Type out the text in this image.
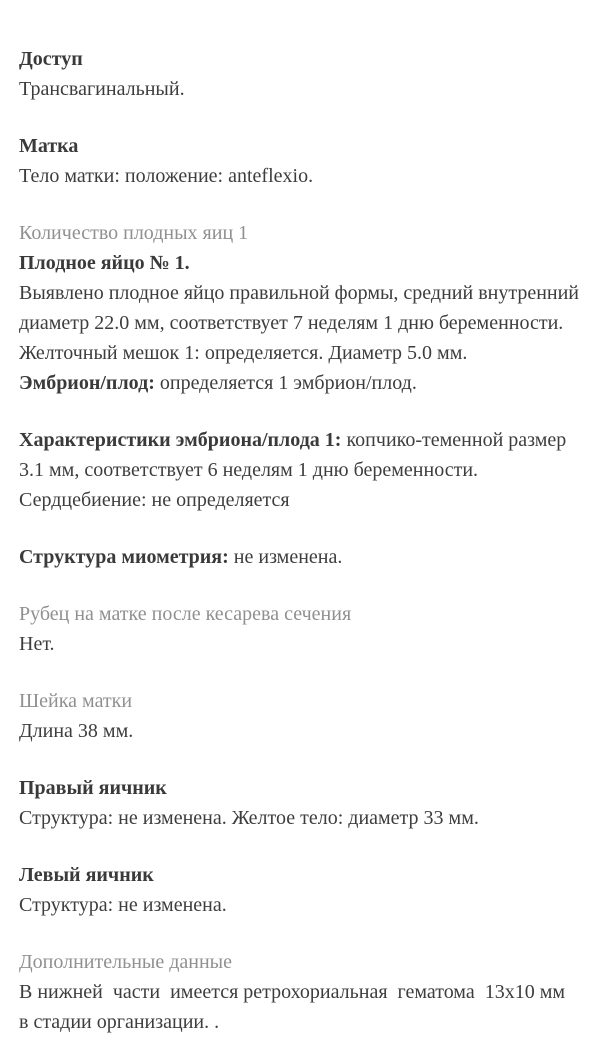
Доступ

Трансвагинальный.

Матка

Тело матки: положение: anteflexio.

Количество плодных яиц 1

Плодное яйцо № 1.

Выявлено плодное яйцо правильной формы, средний внутренний диаметр 22.0 мм, соответствует 7 неделям 1 дню беременности.

Желточный мешок 1: определяется. Диаметр 5.0 мм.

Эмбрион/плод: определяется 1 эмбрион/плод.

Характеристики эмбриона/плода 1: копчико-теменной размер 3.1 мм, соответствует 6 неделям 1 дню беременности.

Сердцебиение: не определяется

Структура миометрия: не изменена.

Рубец на матке после кесарева сечения

Нет.

Шейка матки

Длина 38 мм.

Правый яичник

Структура: не изменена. Желтое тело: диаметр 33 мм.

Левый яичник

Структура: не изменена.

Дополнительные данные

В нижней  части  имеется ретрохориальная  гематома  13x10 мм  в стадии организации. .
